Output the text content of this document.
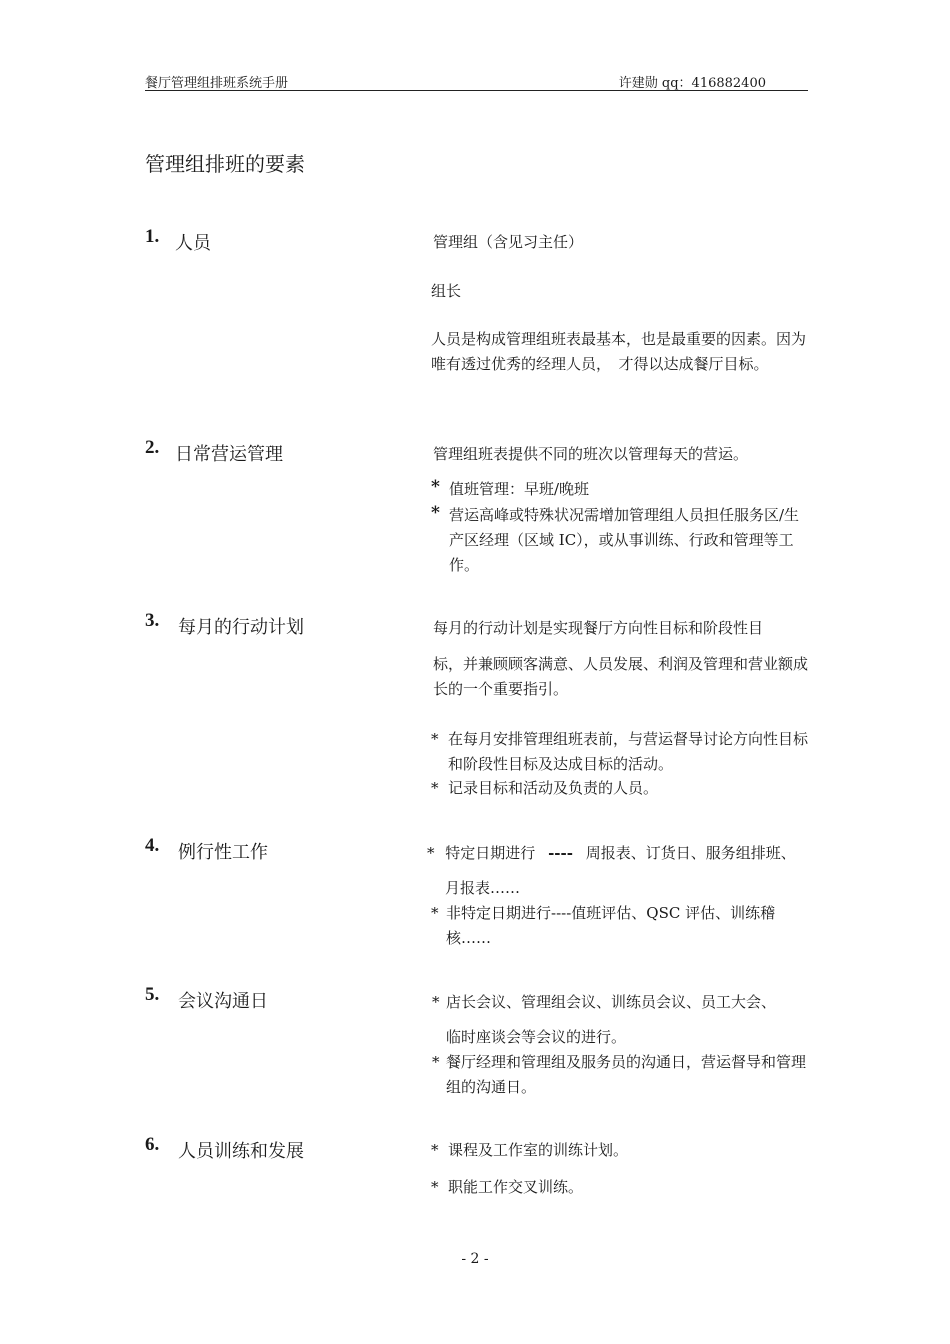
餐厅管理组排班系统手册	许建勋 qq：416882400
管理组排班的要素
1. 人员	管理组（含见习主任）
组长
人员是构成管理组班表最基本，也是最重要的因素。因为唯有透过优秀的经理人员，　才得以达成餐厅目标。
2. 日常营运管理	管理组班表提供不同的班次以管理每天的营运。
* 值班管理：早班/晚班
* 营运高峰或特殊状况需增加管理组人员担任服务区/生产区经理（区域 IC），或从事训练、行政和管理等工作。
3. 每月的行动计划	每月的行动计划是实现餐厅方向性目标和阶段性目
标，并兼顾顾客满意、人员发展、利润及管理和营业额成长的一个重要指引。
* 在每月安排管理组班表前，与营运督导讨论方向性目标和阶段性目标及达成目标的活动。
* 记录目标和活动及负责的人员。
4. 例行性工作	* 特定日期进行 ---- 周报表、订货日、服务组排班、
月报表……
* 非特定日期进行----值班评估、QSC 评估、训练稽核……
5. 会议沟通日	* 店长会议、管理组会议、训练员会议、员工大会、
临时座谈会等会议的进行。
* 餐厅经理和管理组及服务员的沟通日，营运督导和管理组的沟通日。
6. 人员训练和发展	* 课程及工作室的训练计划。
* 职能工作交叉训练。
- 2 -
